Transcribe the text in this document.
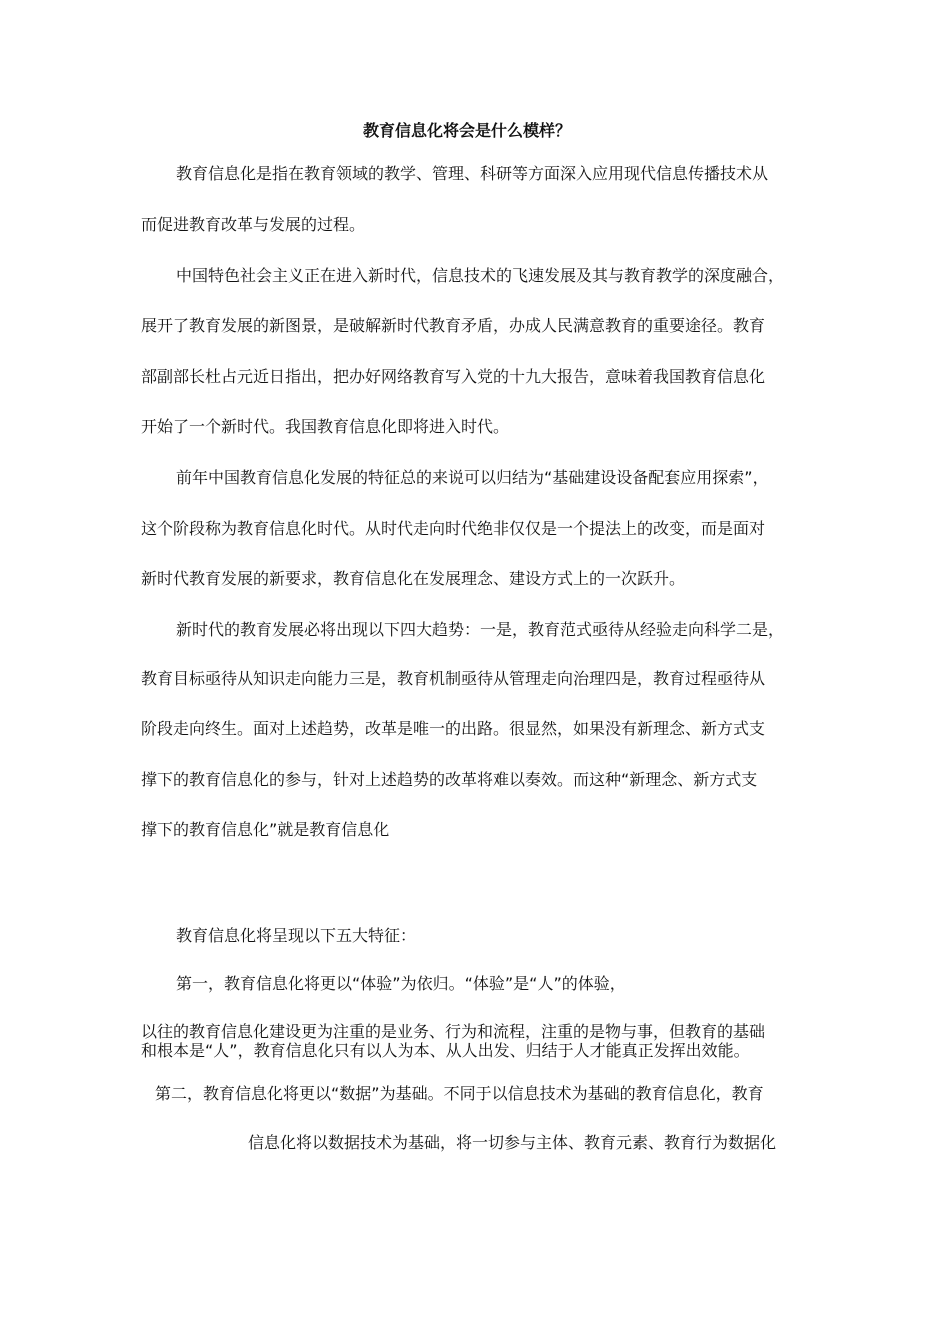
教育信息化将会是什么模样？
教育信息化是指在教育领域的教学、管理、科研等方面深入应用现代信息传播技术从
而促进教育改革与发展的过程。
中国特色社会主义正在进入新时代，信息技术的飞速发展及其与教育教学的深度融合，
展开了教育发展的新图景，是破解新时代教育矛盾，办成人民满意教育的重要途径。教育
部副部长杜占元近日指出，把办好网络教育写入党的十九大报告，意味着我国教育信息化
开始了一个新时代。我国教育信息化即将进入时代。
前年中国教育信息化发展的特征总的来说可以归结为“基础建设设备配套应用探索”，
这个阶段称为教育信息化时代。从时代走向时代绝非仅仅是一个提法上的改变，而是面对
新时代教育发展的新要求，教育信息化在发展理念、建设方式上的一次跃升。
新时代的教育发展必将出现以下四大趋势：一是，教育范式亟待从经验走向科学二是，
教育目标亟待从知识走向能力三是，教育机制亟待从管理走向治理四是，教育过程亟待从
阶段走向终生。面对上述趋势，改革是唯一的出路。很显然，如果没有新理念、新方式支
撑下的教育信息化的参与，针对上述趋势的改革将难以奏效。而这种“新理念、新方式支
撑下的教育信息化”就是教育信息化
教育信息化将呈现以下五大特征：
第一，教育信息化将更以“体验”为依归。“体验”是“人”的体验，
以往的教育信息化建设更为注重的是业务、行为和流程，注重的是物与事，但教育的基础
和根本是“人”，教育信息化只有以人为本、从人出发、归结于人才能真正发挥出效能。
第二，教育信息化将更以“数据”为基础。不同于以信息技术为基础的教育信息化，教育
信息化将以数据技术为基础，将一切参与主体、教育元素、教育行为数据化
